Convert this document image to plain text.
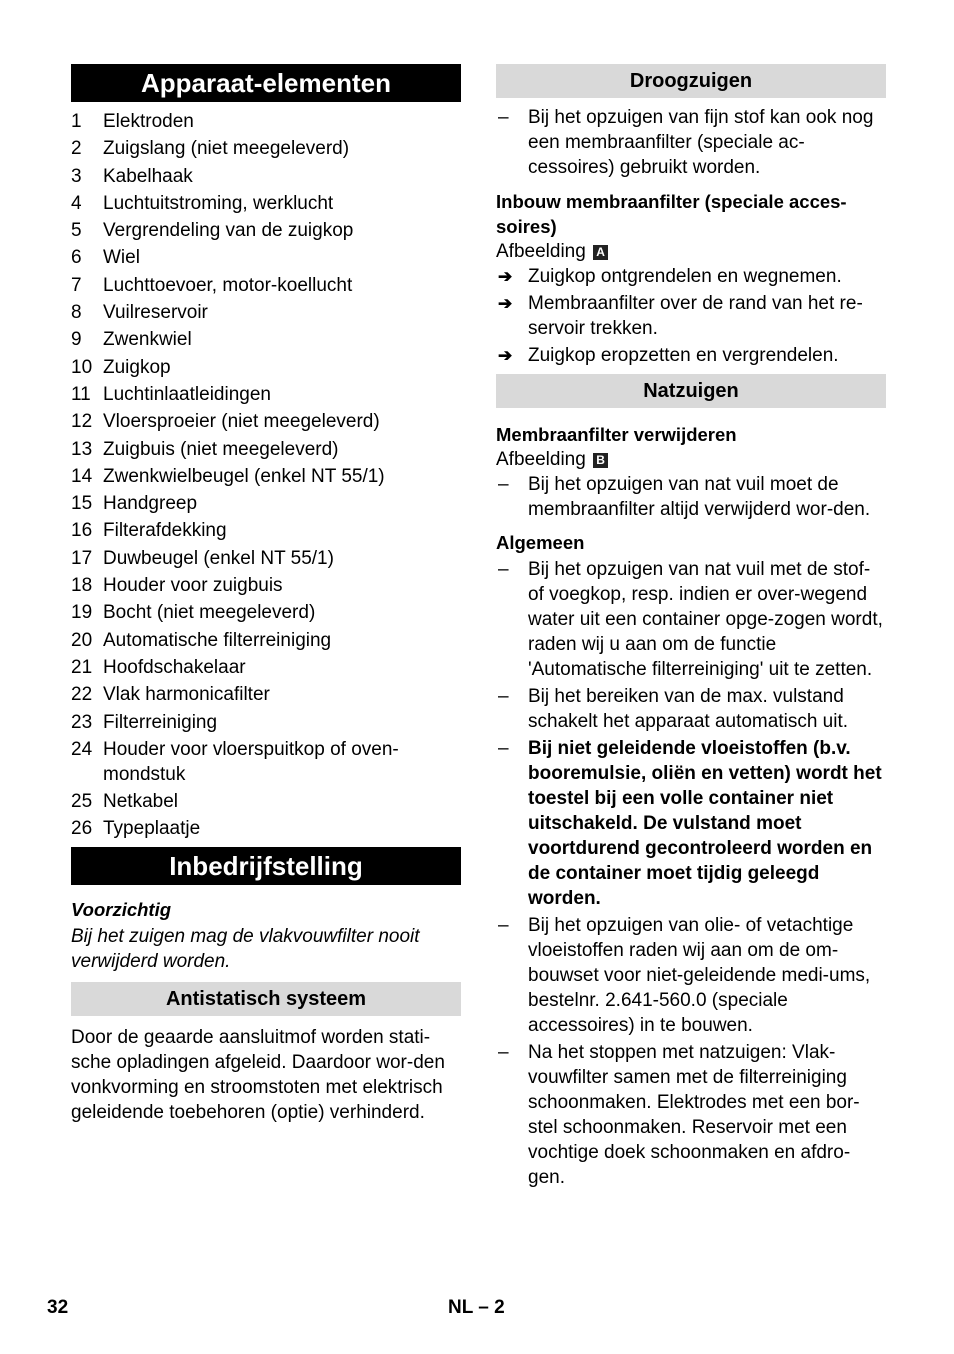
Apparaat-elementen
1	Elektroden
2	Zuigslang (niet meegeleverd)
3	Kabelhaak
4	Luchtuitstroming, werklucht
5	Vergrendeling van de zuigkop
6	Wiel
7	Luchttoevoer, motor-koellucht
8	Vuilreservoir
9	Zwenkwiel
10 Zuigkop
11 Luchtinlaatleidingen
12 Vloersproeier (niet meegeleverd)
13 Zuigbuis (niet meegeleverd)
14 Zwenkwielbeugel (enkel NT 55/1)
15 Handgreep
16 Filterafdekking
17 Duwbeugel (enkel NT 55/1)
18 Houder voor zuigbuis
19 Bocht (niet meegeleverd)
20 Automatische filterreiniging
21 Hoofdschakelaar
22 Vlak harmonicafilter
23 Filterreiniging
24 Houder voor vloerspuitkop of oven-
mondstuk
25 Netkabel
26 Typeplaatje
Inbedrijfstelling

Voorzichtig

Bij het zuigen mag de vlakvouwfilter nooit verwijderd worden.

Antistatisch systeem

Door de geaarde aansluitmof worden stati-sche opladingen afgeleid. Daardoor wor-den vonkvorming en stroomstoten met elektrisch geleidende toebehoren (optie) verhinderd.

Droogzuigen
–	Bij het opzuigen van fijn stof kan ook nog een membraanfilter (speciale ac-cessoires) gebruikt worden.

Inbouw membraanfilter (speciale acces-soires)

Afbeelding A

➔ Zuigkop ontgrendelen en wegnemen.
➔ Membraanfilter over de rand van het re-servoir trekken.
➔ Zuigkop eropzetten en vergrendelen.
Natzuigen

Membraanfilter verwijderen

Afbeelding B

–	Bij het opzuigen van nat vuil moet de membraanfilter altijd verwijderd wor-den.

Algemeen

–	Bij het opzuigen van nat vuil met de stof- of voegkop, resp. indien er over-wegend water uit een container opge-zogen wordt, raden wij u aan om de functie 'Automatische filterreiniging' uit te zetten.
–	Bij het bereiken van de max. vulstand schakelt het apparaat automatisch uit.
–	Bij niet geleidende vloeistoffen (b.v. booremulsie, oliën en vetten) wordt het toestel bij een volle container niet uitschakeld. De vulstand moet voortdurend gecontroleerd worden en de container moet tijdig geleegd worden.
–	Bij het opzuigen van olie- of vetachtige vloeistoffen raden wij aan om de om-bouwset voor niet-geleidende medi-ums, bestelnr. 2.641-560.0 (speciale accessoires) in te bouwen.
–	Na het stoppen met natzuigen: Vlak-vouwfilter samen met de filterreiniging schoonmaken. Elektrodes met een bor-stel schoonmaken. Reservoir met een vochtige doek schoonmaken en afdro-gen.
32	NL – 2
